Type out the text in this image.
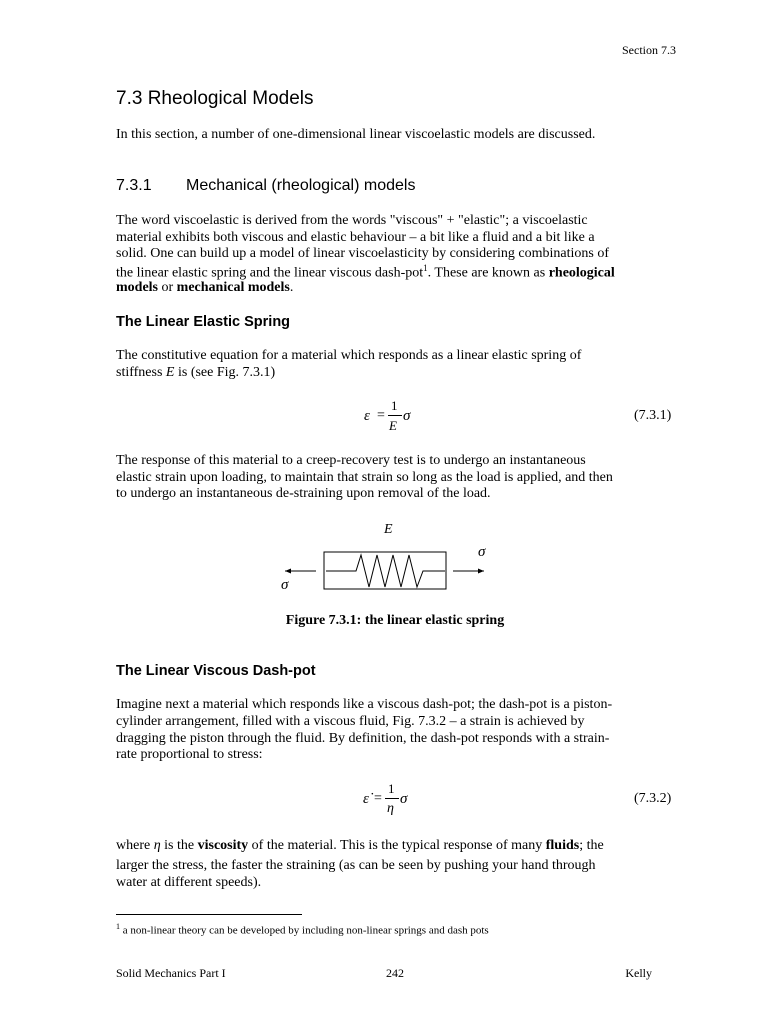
Section 7.3
7.3 Rheological Models
In this section, a number of one-dimensional linear viscoelastic models are discussed.
7.3.1 Mechanical (rheological) models
The word viscoelastic is derived from the words "viscous" + "elastic"; a viscoelastic
material exhibits both viscous and elastic behaviour – a bit like a fluid and a bit like a
solid. One can build up a model of linear viscoelasticity by considering combinations of
the linear elastic spring and the linear viscous dash-pot$^1$. These are known as rheological
models or mechanical models.
The Linear Elastic Spring
The constitutive equation for a material which responds as a linear elastic spring of
stiffness E is (see Fig. 7.3.1)
ε =
1
E
σ	(7.3.1)
The response of this material to a creep-recovery test is to undergo an instantaneous
elastic strain upon loading, to maintain that strain so long as the load is applied, and then
to undergo an instantaneous de-straining upon removal of the load.
E
σ
σ
Figure 7.3.1: the linear elastic spring
The Linear Viscous Dash-pot
Imagine next a material which responds like a viscous dash-pot; the dash-pot is a piston-
cylinder arrangement, filled with a viscous fluid, Fig. 7.3.2 – a strain is achieved by
dragging the piston through the fluid. By definition, the dash-pot responds with a strain-
rate proportional to stress:
ε̇ =
1
η
σ	(7.3.2)
where η is the viscosity of the material. This is the typical response of many fluids; the
larger the stress, the faster the straining (as can be seen by pushing your hand through
water at different speeds).
$^1$ a non-linear theory can be developed by including non-linear springs and dash pots
Solid Mechanics Part I	242	Kelly
